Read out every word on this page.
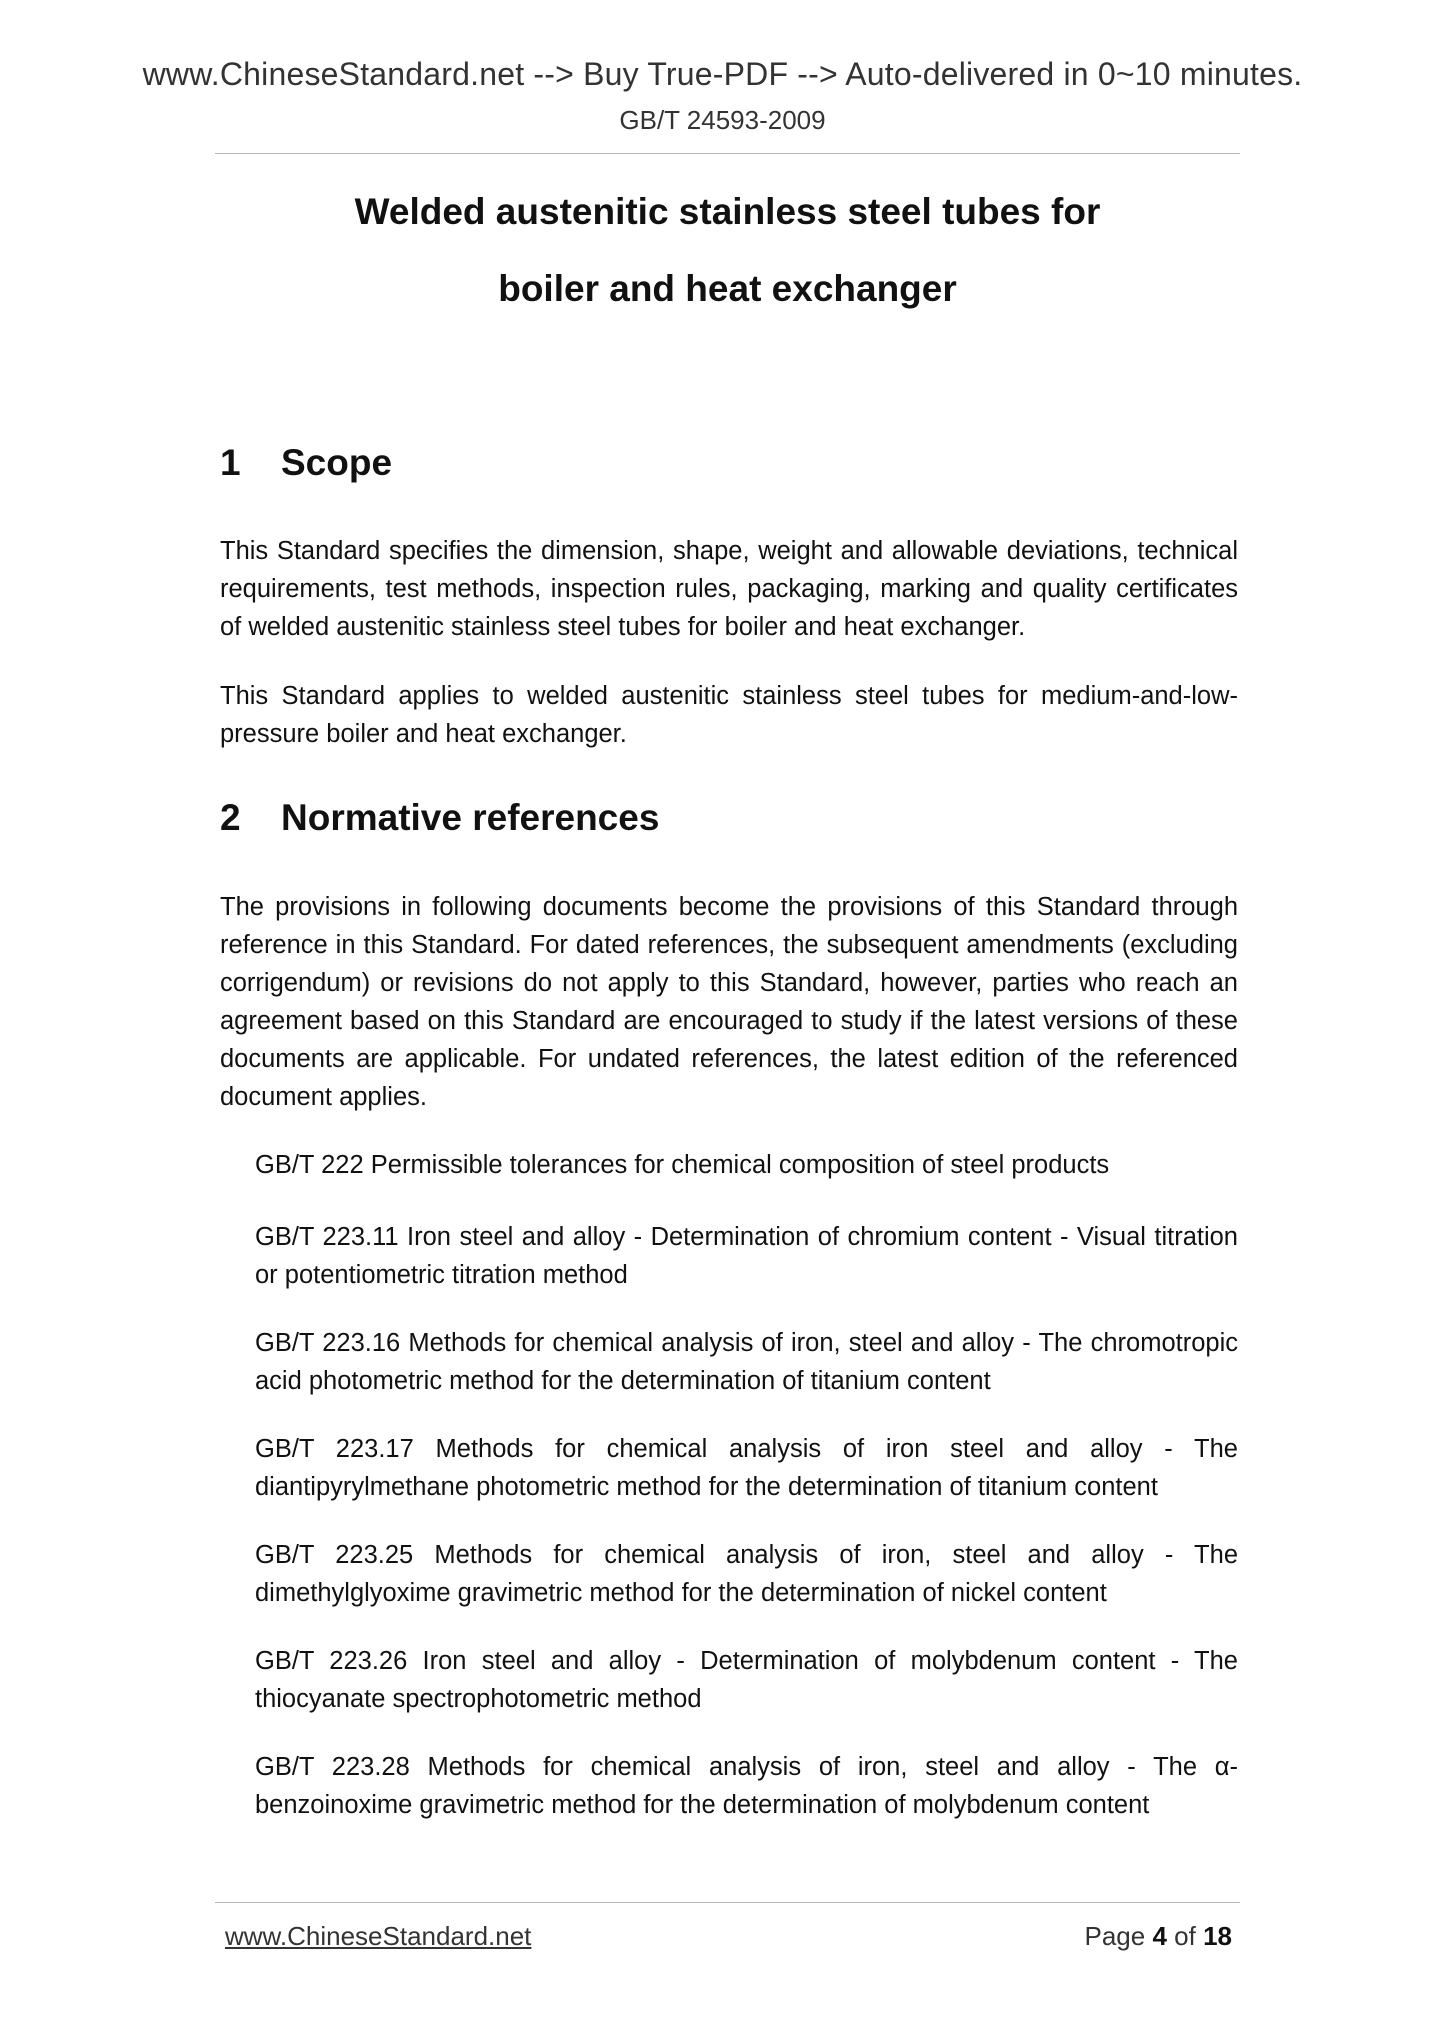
www.ChineseStandard.net --> Buy True-PDF --> Auto-delivered in 0~10 minutes.
GB/T 24593-2009
Welded austenitic stainless steel tubes for
boiler and heat exchanger
1	Scope

This Standard specifies the dimension, shape, weight and allowable deviations, technical requirements, test methods, inspection rules, packaging, marking and quality certificates of welded austenitic stainless steel tubes for boiler and heat exchanger.

This Standard applies to welded austenitic stainless steel tubes for medium-and-low-pressure boiler and heat exchanger.

2	Normative references

The provisions in following documents become the provisions of this Standard through reference in this Standard. For dated references, the subsequent amendments (excluding corrigendum) or revisions do not apply to this Standard, however, parties who reach an agreement based on this Standard are encouraged to study if the latest versions of these documents are applicable. For undated references, the latest edition of the referenced document applies.

GB/T 222 Permissible tolerances for chemical composition of steel products

GB/T 223.11 Iron steel and alloy - Determination of chromium content - Visual titration or potentiometric titration method

GB/T 223.16 Methods for chemical analysis of iron, steel and alloy - The chromotropic acid photometric method for the determination of titanium content

GB/T 223.17 Methods for chemical analysis of iron steel and alloy - The diantipyrylmethane photometric method for the determination of titanium content

GB/T 223.25 Methods for chemical analysis of iron, steel and alloy - The dimethylglyoxime gravimetric method for the determination of nickel content

GB/T 223.26 Iron steel and alloy - Determination of molybdenum content - The thiocyanate spectrophotometric method

GB/T 223.28 Methods for chemical analysis of iron, steel and alloy - The α-benzoinoxime gravimetric method for the determination of molybdenum content

www.ChineseStandard.net	Page 4 of 18
